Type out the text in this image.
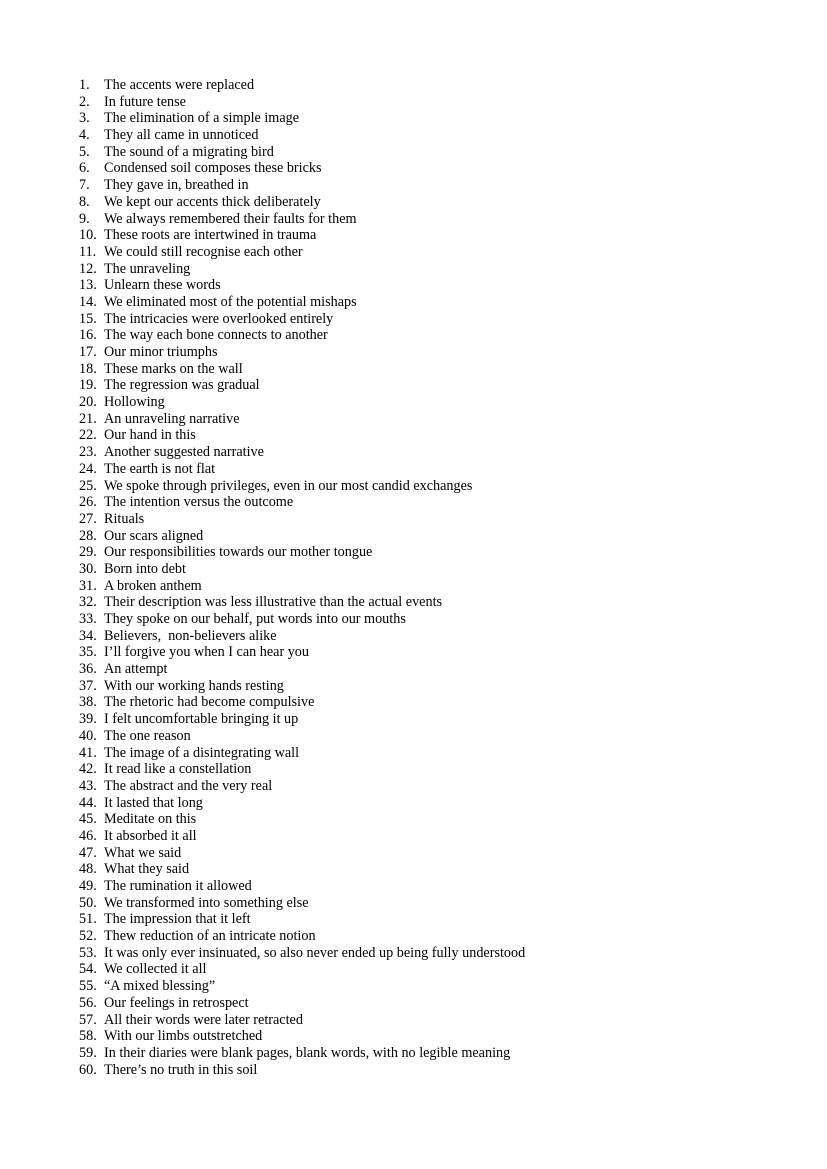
1.	The accents were replaced
2.	In future tense
3.	The elimination of a simple image
4.	They all came in unnoticed
5.	The sound of a migrating bird
6.	Condensed soil composes these bricks
7.	They gave in, breathed in
8.	We kept our accents thick deliberately
9.	We always remembered their faults for them
10. These roots are intertwined in trauma
11. We could still recognise each other
12. The unraveling
13. Unlearn these words
14. We eliminated most of the potential mishaps
15. The intricacies were overlooked entirely
16. The way each bone connects to another
17. Our minor triumphs
18. These marks on the wall
19. The regression was gradual
20. Hollowing
21. An unraveling narrative
22. Our hand in this
23. Another suggested narrative
24. The earth is not flat
25. We spoke through privileges, even in our most candid exchanges
26. The intention versus the outcome
27. Rituals
28. Our scars aligned
29. Our responsibilities towards our mother tongue
30. Born into debt
31. A broken anthem
32. Their description was less illustrative than the actual events
33. They spoke on our behalf, put words into our mouths
34. Believers,  non-believers alike
35. I’ll forgive you when I can hear you
36. An attempt
37. With our working hands resting
38. The rhetoric had become compulsive
39. I felt uncomfortable bringing it up
40. The one reason
41. The image of a disintegrating wall
42. It read like a constellation
43. The abstract and the very real
44. It lasted that long
45. Meditate on this
46. It absorbed it all
47. What we said
48. What they said
49. The rumination it allowed
50. We transformed into something else
51. The impression that it left
52. Thew reduction of an intricate notion
53. It was only ever insinuated, so also never ended up being fully understood
54. We collected it all
55. “A mixed blessing”
56. Our feelings in retrospect
57. All their words were later retracted
58. With our limbs outstretched
59. In their diaries were blank pages, blank words, with no legible meaning
60. There’s no truth in this soil
